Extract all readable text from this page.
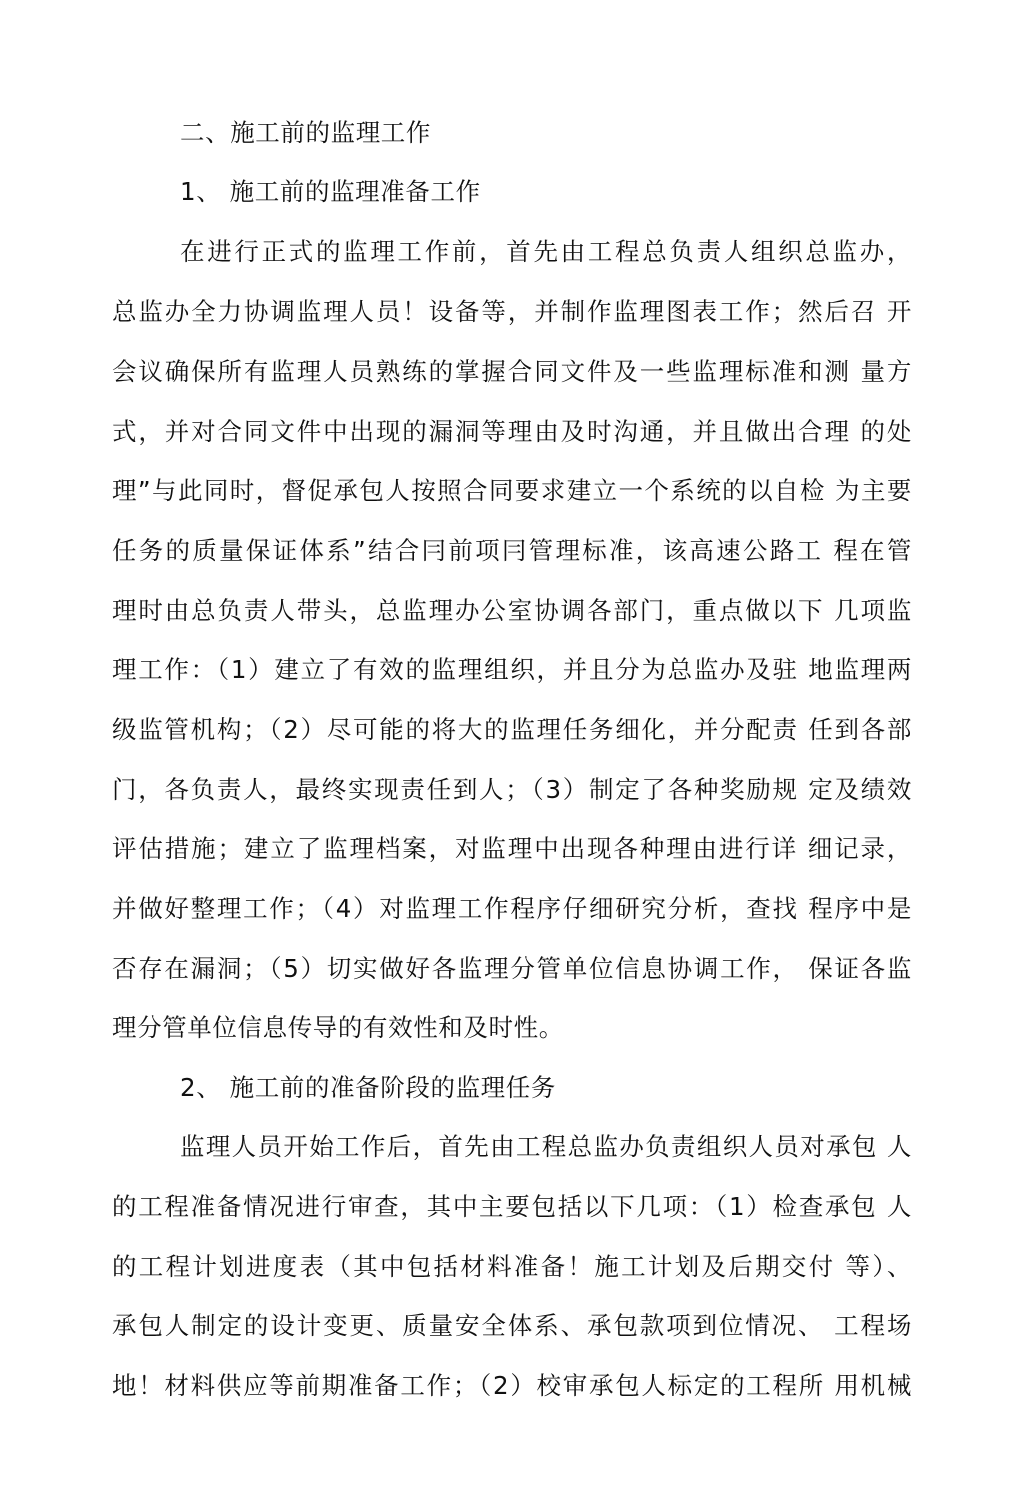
二、施工前的监理工作
1、 施工前的监理准备工作
在进行正式的监理工作前，首先由工程总负责人组织总监办，
总监办全力协调监理人员！设备等，并制作监理图表工作；然后召 开
会议确保所有监理人员熟练的掌握合同文件及一些监理标准和测 量方
式，并对合同文件中出现的漏洞等理由及时沟通，并且做出合理 的处
理”与此同时，督促承包人按照合同要求建立一个系统的以自检 为主要
任务的质量保证体系”结合冃前项冃管理标准，该高速公路工 程在管
理时由总负责人带头，总监理办公室协调各部门，重点做以下 几项监
理工作：（1）建立了有效的监理组织，并且分为总监办及驻 地监理两
级监管机构；（2）尽可能的将大的监理任务细化，并分配责 任到各部
门，各负责人，最终实现责任到人；（3）制定了各种奖励规 定及绩效
评估措施；建立了监理档案，对监理中出现各种理由进行详 细记录，
并做好整理工作；（4）对监理工作程序仔细研究分析，查找 程序中是
否存在漏洞；（5）切实做好各监理分管单位信息协调工作， 保证各监
理分管单位信息传导的有效性和及时性。
2、 施工前的准备阶段的监理任务
监理人员开始工作后，首先由工程总监办负责组织人员对承包 人
的工程准备情况进行审查，其中主要包括以下几项：（1）检查承包 人
的工程计划进度表（其中包括材料准备！施工计划及后期交付 等）、
承包人制定的设计变更、质量安全体系、承包款项到位情况、 工程场
地！材料供应等前期准备工作；（2）校审承包人标定的工程所 用机械
